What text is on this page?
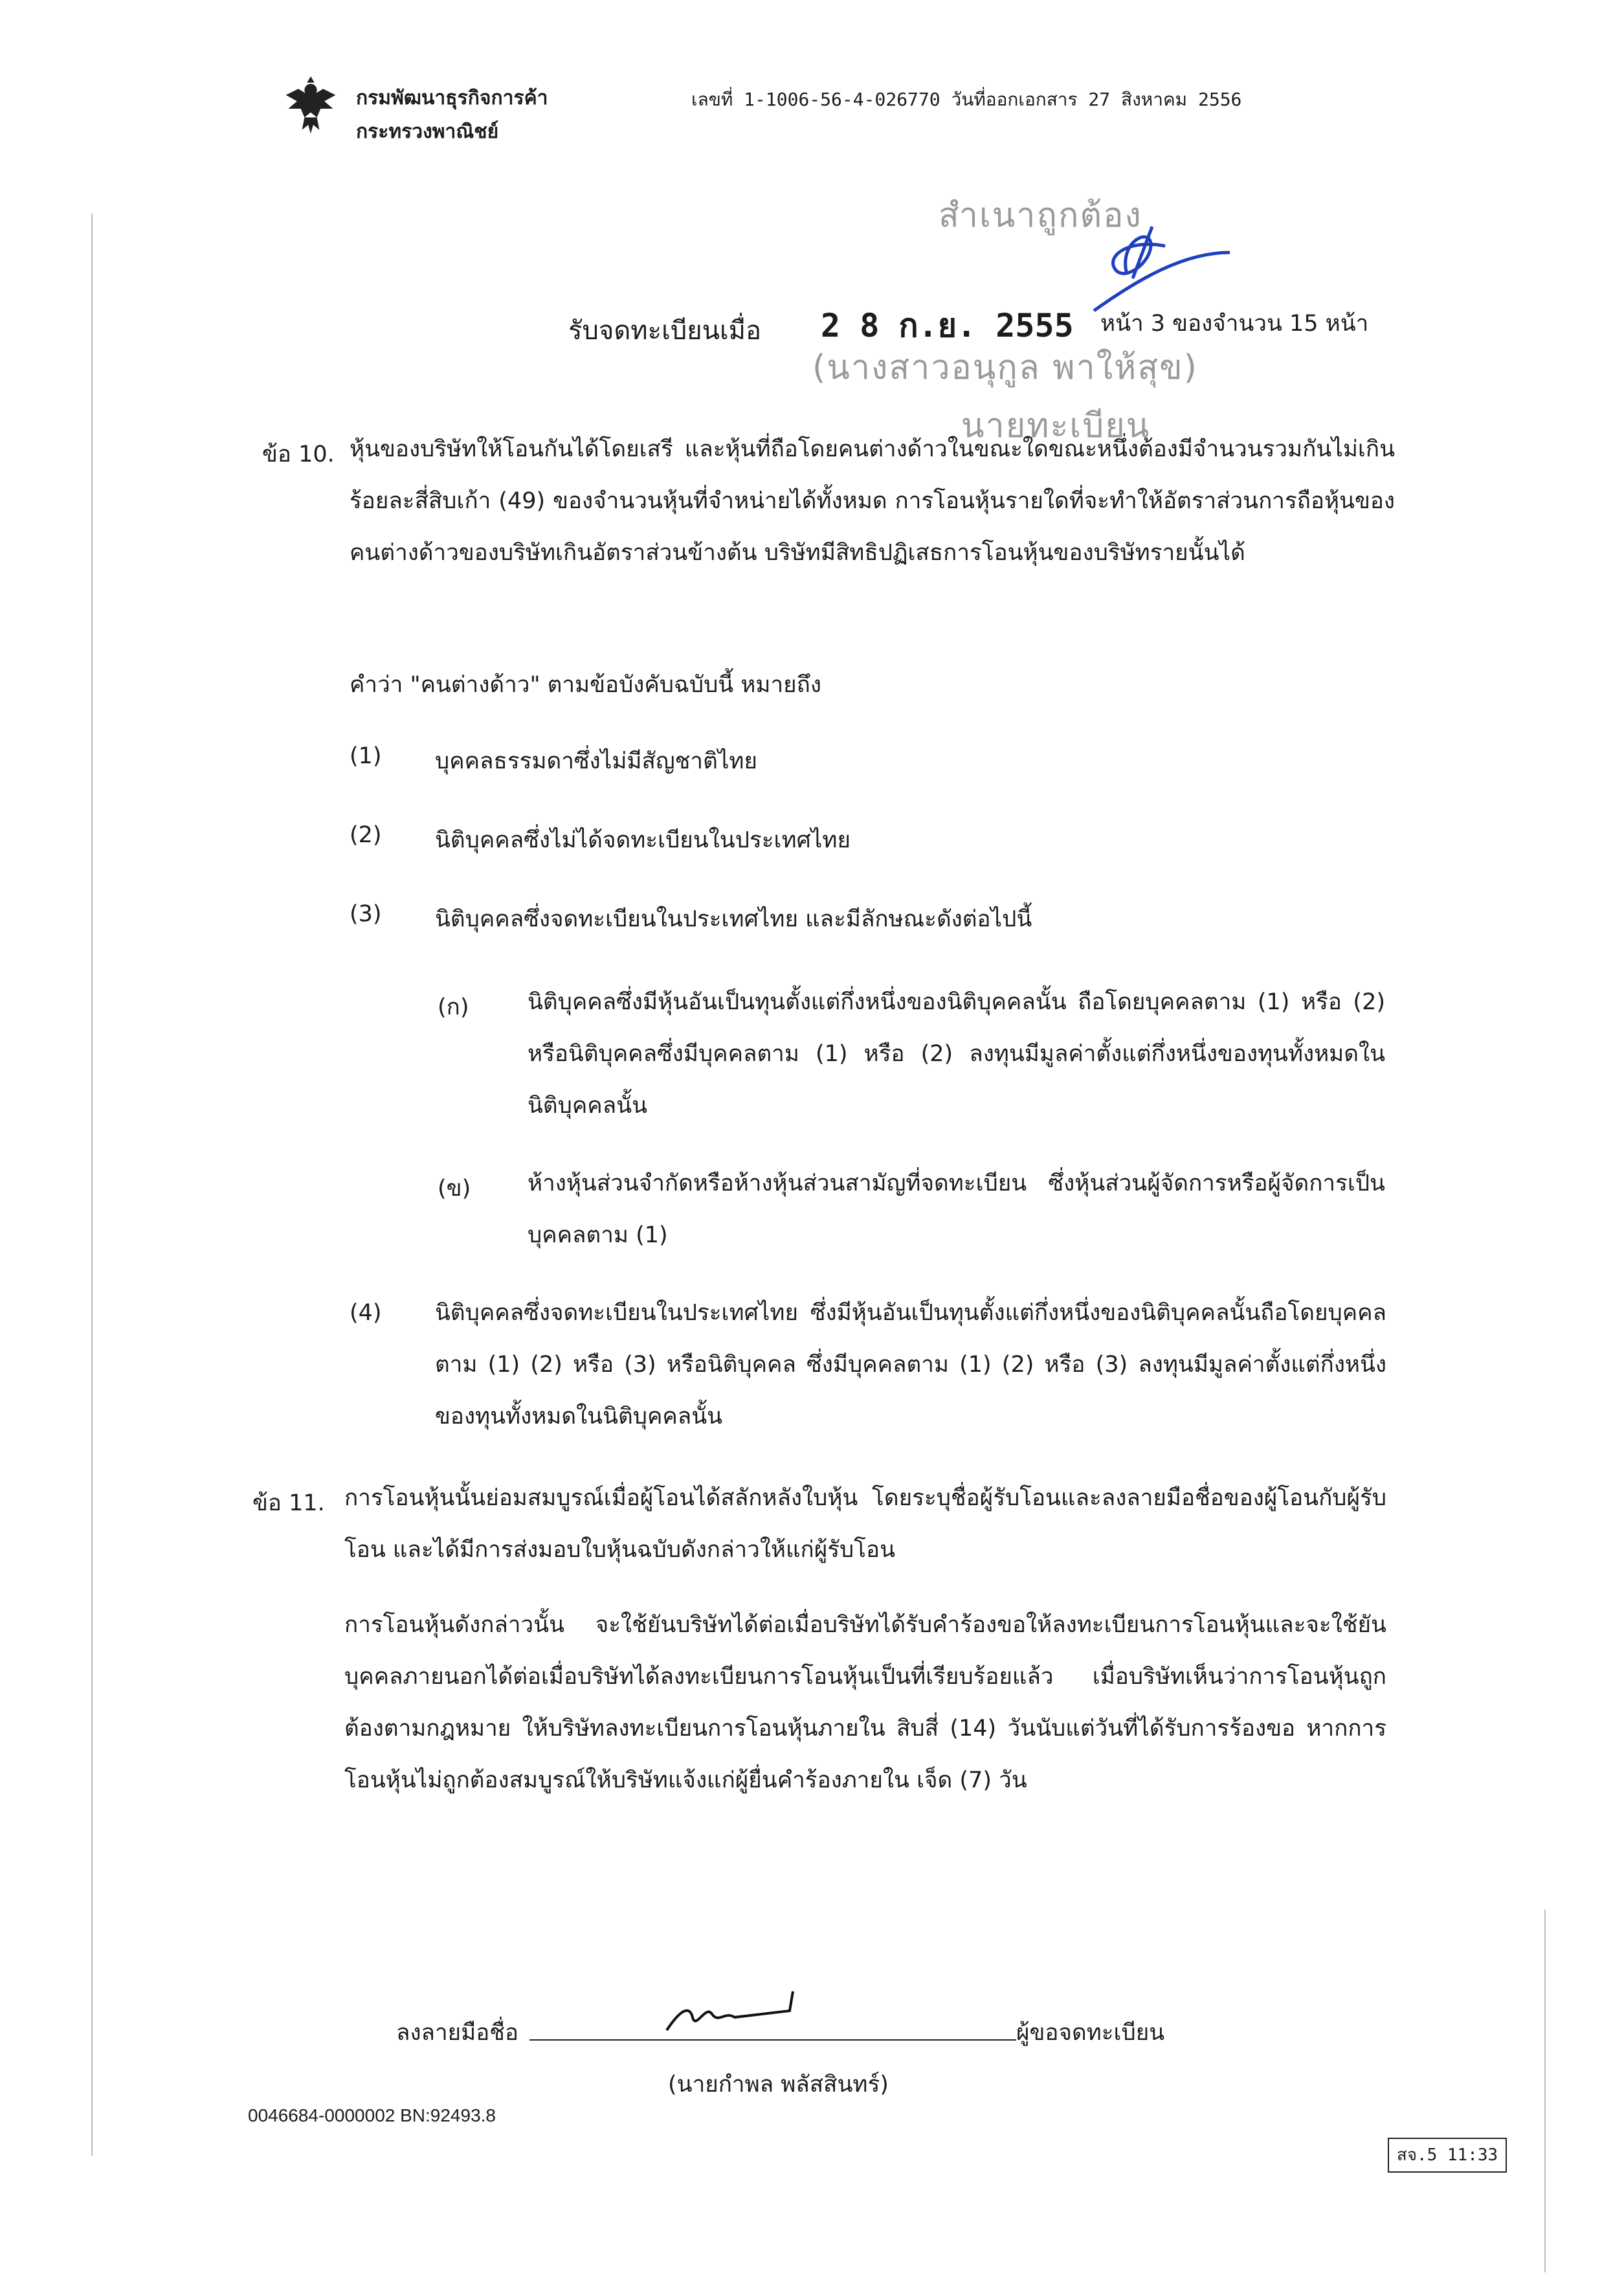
กรมพัฒนาธุรกิจการค้า
กระทรวงพาณิชย์
เลขที่ 1-1006-56-4-026770 วันที่ออกเอกสาร 27 สิงหาคม 2556
สำเนาถูกต้อง
(นางสาวอนุกูล พาให้สุข)
นายทะเบียน
รับจดทะเบียนเมื่อ 2 8 ก.ย. 2555 หน้า 3 ของจำนวน 15 หน้า
ข้อ 10. หุ้นของบริษัทให้โอนกันได้โดยเสรี และหุ้นที่ถือโดยคนต่างด้าวในขณะใดขณะหนึ่งต้องมีจำนวนรวมกันไม่เกินร้อยละสี่สิบเก้า (49) ของจำนวนหุ้นที่จำหน่ายได้ทั้งหมด การโอนหุ้นรายใดที่จะทำให้อัตราส่วนการถือหุ้นของคนต่างด้าวของบริษัทเกินอัตราส่วนข้างต้น บริษัทมีสิทธิปฏิเสธการโอนหุ้นของบริษัทรายนั้นได้

คำว่า "คนต่างด้าว" ตามข้อบังคับฉบับนี้ หมายถึง
(1) บุคคลธรรมดาซึ่งไม่มีสัญชาติไทย
(2) นิติบุคคลซึ่งไม่ได้จดทะเบียนในประเทศไทย
(3) นิติบุคคลซึ่งจดทะเบียนในประเทศไทย และมีลักษณะดังต่อไปนี้
(ก)	นิติบุคคลซึ่งมีหุ้นอันเป็นทุนตั้งแต่กึ่งหนึ่งของนิติบุคคลนั้น ถือโดยบุคคลตาม (1) หรือ (2) หรือนิติบุคคลซึ่งมีบุคคลตาม (1) หรือ (2) ลงทุนมีมูลค่าตั้งแต่กึ่งหนึ่งของทุนทั้งหมดในนิติบุคคลนั้น

(ข)	ห้างหุ้นส่วนจำกัดหรือห้างหุ้นส่วนสามัญที่จดทะเบียน ซึ่งหุ้นส่วนผู้จัดการหรือผู้จัดการเป็นบุคคลตาม (1)

(4) นิติบุคคลซึ่งจดทะเบียนในประเทศไทย ซึ่งมีหุ้นอันเป็นทุนตั้งแต่กึ่งหนึ่งของนิติบุคคลนั้นถือโดยบุคคลตาม (1) (2) หรือ (3) หรือนิติบุคคล ซึ่งมีบุคคลตาม (1) (2) หรือ (3) ลงทุนมีมูลค่าตั้งแต่กึ่งหนึ่งของทุนทั้งหมดในนิติบุคคลนั้น

ข้อ 11. การโอนหุ้นนั้นย่อมสมบูรณ์เมื่อผู้โอนได้สลักหลังใบหุ้น โดยระบุชื่อผู้รับโอนและลงลายมือชื่อของผู้โอนกับผู้รับโอน และได้มีการส่งมอบใบหุ้นฉบับดังกล่าวให้แก่ผู้รับโอน

การโอนหุ้นดังกล่าวนั้น จะใช้ยันบริษัทได้ต่อเมื่อบริษัทได้รับคำร้องขอให้ลงทะเบียนการโอนหุ้นและจะใช้ยันบุคคลภายนอกได้ต่อเมื่อบริษัทได้ลงทะเบียนการโอนหุ้นเป็นที่เรียบร้อยแล้ว เมื่อบริษัทเห็นว่าการโอนหุ้นถูกต้องตามกฎหมาย ให้บริษัทลงทะเบียนการโอนหุ้นภายใน สิบสี่ (14) วันนับแต่วันที่ได้รับการร้องขอ หากการโอนหุ้นไม่ถูกต้องสมบูรณ์ให้บริษัทแจ้งแก่ผู้ยื่นคำร้องภายใน เจ็ด (7) วัน

ลงลายมือชื่อ	ผู้ขอจดทะเบียน
(นายกำพล พลัสสินทร์)
0046684-0000002 BN:92493.8
สจ.5 11:33
